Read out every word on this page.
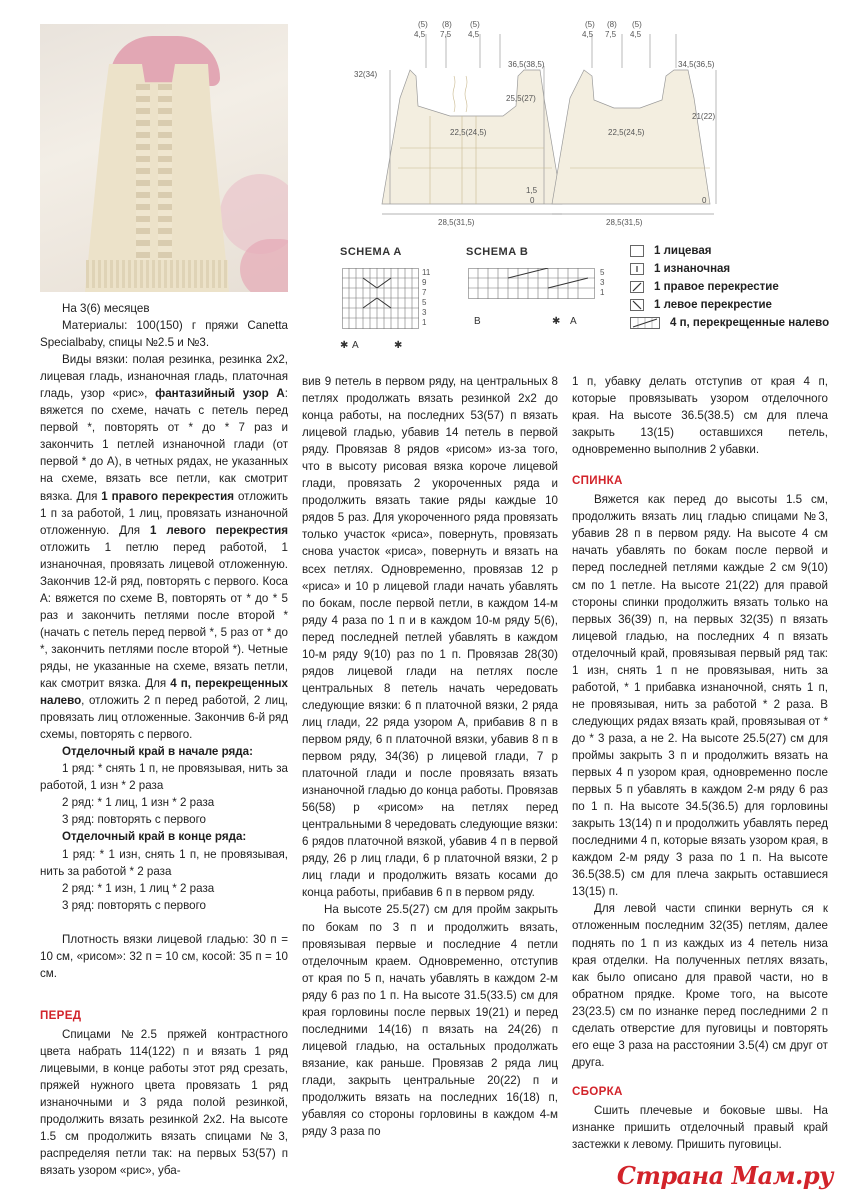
(5)
4,5
(8)
7,5
(5)
4,5
(5)
4,5
(8)
7,5
(5)
4,5
32(34)
36,5(38,5)
25,5(27)
22,5(24,5)
1,5
0
28,5(31,5)
34,5(36,5)
21(22)
22,5(24,5)
0
28,5(31,5)
SCHEMA A
11
9
7
5
3
1
✱ A	✱
SCHEMA B
5
3
1
B	✱ A
1 лицевая
1 изнаночная
1 правое перекрестие
1 левое перекрестие
4 п, перекрещенные налево

На 3(6) месяцев

Материалы: 100(150) г пряжи Canetta Specialbaby, спицы №2.5 и №3.

Виды вязки: полая резинка, резинка 2x2, лицевая гладь, изнаночная гладь, платочная гладь, узор «рис», фантазийный узор А: вяжется по схеме, начать с петель перед первой *, повторять от * до * 7 раз и закончить 1 петлей изнаночной глади (от первой * до А), в четных рядах, не указанных на схеме, вязать все петли, как смотрит вязка. Для 1 правого перекрестия отложить 1 п за работой, 1 лиц, провязать изнаночной отложенную. Для 1 левого перекрестия отложить 1 петлю перед работой, 1 изнаночная, провязать лицевой отложенную. Закончив 12-й ряд, повторять с первого. Коса А: вяжется по схеме В, повторять от * до * 5 раз и закончить петлями после второй * (начать с петель перед первой *, 5 раз от * до *, закончить петлями после второй *). Четные ряды, не указанные на схеме, вязать петли, как смотрит вязка. Для 4 п, перекрещенных налево, отложить 2 п перед работой, 2 лиц, провязать лиц отложенные. Закончив 6-й ряд схемы, повторять с первого.

Отделочный край в начале ряда:

1 ряд: * снять 1 п, не провязывая, нить за работой, 1 изн * 2 раза

2 ряд: * 1 лиц, 1 изн * 2 раза

3 ряд: повторять с первого

Отделочный край в конце ряда:

1 ряд: * 1 изн, снять 1 п, не провязывая, нить за работой * 2 раза

2 ряд: * 1 изн, 1 лиц * 2 раза

3 ряд: повторять с первого

Плотность вязки лицевой гладью: 30 п = 10 см, «рисом»: 32 п = 10 см, косой: 35 п = 10 см.

ПЕРЕД

Спицами №2.5 пряжей контрастного цвета набрать 114(122) п и вязать 1 ряд лицевыми, в конце работы этот ряд срезать, пряжей нужного цвета провязать 1 ряд изнаночными и 3 ряда полой резинкой, продолжить вязать резинкой 2x2. На высоте 1.5 см продолжить вязать спицами №3, распределяя петли так: на первых 53(57) п вязать узором «рис», уба-

вив 9 петель в первом ряду, на центральных 8 петлях продолжать вязать резинкой 2x2 до конца работы, на последних 53(57) п вязать лицевой гладью, убавив 14 петель в первой ряду. Провязав 8 рядов «рисом» из-за того, что в высоту рисовая вязка короче лицевой глади, провязать 2 укороченных ряда и продолжить вязать такие ряды каждые 10 рядов 5 раз. Для укороченного ряда провязать только участок «риса», повернуть, провязать снова участок «риса», повернуть и вязать на всех петлях. Одновременно, провязав 12 р «риса» и 10 р лицевой глади начать убавлять по бокам, после первой петли, в каждом 14-м ряду 4 раза по 1 п и в каждом 10-м ряду 5(6), перед последней петлей убавлять в каждом 10-м ряду 9(10) раз по 1 п. Провязав 28(30) рядов лицевой глади на петлях после центральных 8 петель начать чередовать следующие вязки: 6 п платочной вязки, 2 ряда лиц глади, 22 ряда узором А, прибавив 8 п в первом ряду, 6 п платочной вязки, убавив 8 п в первом ряду, 34(36) р лицевой глади, 7 р платочной глади и после провязать вязать изнаночной гладью до конца работы. Провязав 56(58) р «рисом» на петлях перед центральными 8 чередовать следующие вязки: 6 рядов платочной вязкой, убавив 4 п в первой ряду, 26 р лиц глади, 6 р платочной вязки, 2 р лиц глади и продолжить вязать косами до конца работы, прибавив 6 п в первом ряду.

На высоте 25.5(27) см для пройм закрыть по бокам по 3 п и продолжить вязать, провязывая первые и последние 4 петли отделочным краем. Одновременно, отступив от края по 5 п, начать убавлять в каждом 2-м ряду 6 раз по 1 п. На высоте 31.5(33.5) см для края горловины после первых 19(21) и перед последними 14(16) п вязать на 24(26) п лицевой гладью, на остальных продолжать вязание, как раньше. Провязав 2 ряда лиц глади, закрыть центральные 20(22) п и продолжить вязать на последних 16(18) п, убавляя со стороны горловины в каждом 4-м ряду 3 раза по

1 п, убавку делать отступив от края 4 п, которые провязывать узором отделочного края. На высоте 36.5(38.5) см для плеча закрыть 13(15) оставшихся петель, одновременно выполнив 2 убавки.

СПИНКА

Вяжется как перед до высоты 1.5 см, продолжить вязать лиц гладью спицами №3, убавив 28 п в первом ряду. На высоте 4 см начать убавлять по бокам после первой и перед последней петлями каждые 2 см 9(10) см по 1 петле. На высоте 21(22) для правой стороны спинки продолжить вязать только на первых 36(39) п, на первых 32(35) п вязать лицевой гладью, на последних 4 п вязать отделочный край, провязывая первый ряд так: 1 изн, снять 1 п не провязывая, нить за работой, * 1 прибавка изнаночной, снять 1 п, не провязывая, нить за работой * 2 раза. В следующих рядах вязать край, провязывая от * до * 3 раза, а не 2. На высоте 25.5(27) см для проймы закрыть 3 п и продолжить вязать на первых 4 п узором края, одновременно после первых 5 п убавлять в каждом 2-м ряду 6 раз по 1 п. На высоте 34.5(36.5) для горловины закрыть 13(14) п и продолжить убавлять перед последними 4 п, которые вязать узором края, в каждом 2-м ряду 3 раза по 1 п. На высоте 36.5(38.5) см для плеча закрыть оставшиеся 13(15) п.

Для левой части спинки вернуть ся к отложенным последним 32(35) петлям, далее поднять по 1 п из каждых из 4 петель низа края отделки. На полученных петлях вязать, как было описано для правой части, но в обратном прядке. Кроме того, на высоте 23(23.5) см по изнанке перед последними 2 п сделать отверстие для пуговицы и повторять его еще 3 раза на расстоянии 3.5(4) см друг от друга.

СБОРКА

Сшить плечевые и боковые швы. На изнанке пришить отделочный правый край застежки к левому. Пришить пуговицы.

Страна Мам.ру
